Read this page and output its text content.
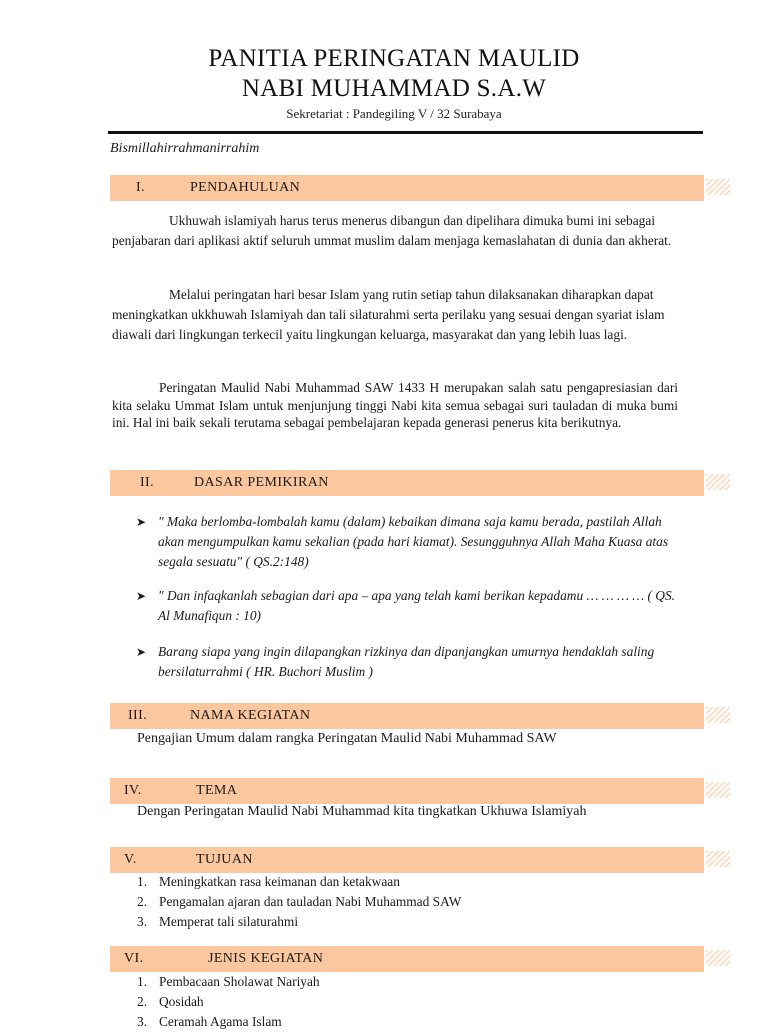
PANITIA PERINGATAN MAULID
NABI MUHAMMAD S.A.W
Sekretariat : Pandegiling V / 32 Surabaya
Bismillahirrahmanirrahim
I.	PENDAHULUAN

Ukhuwah islamiyah harus terus menerus dibangun dan dipelihara dimuka bumi ini sebagai penjabaran dari aplikasi aktif seluruh ummat muslim dalam menjaga kemaslahatan di dunia dan akherat.

Melalui peringatan hari besar Islam yang rutin setiap tahun dilaksanakan diharapkan dapat meningkatkan ukkhuwah Islamiyah dan tali silaturahmi serta perilaku yang sesuai dengan syariat islam diawali dari lingkungan terkecil yaitu lingkungan keluarga, masyarakat dan yang lebih luas lagi.

Peringatan Maulid Nabi Muhammad SAW 1433 H merupakan salah satu pengapresiasian dari kita selaku Ummat Islam untuk menjunjung tinggi Nabi kita semua sebagai suri tauladan di muka bumi ini. Hal ini baik sekali terutama sebagai pembelajaran kepada generasi penerus kita berikutnya.

II.	DASAR PEMIKIRAN
➤ " Maka berlomba-lombalah kamu (dalam) kebaikan dimana saja kamu berada, pastilah Allah akan mengumpulkan kamu sekalian (pada hari kiamat). Sesungguhnya Allah Maha Kuasa atas segala sesuatu" ( QS.2:148)
➤ " Dan infaqkanlah sebagian dari apa – apa yang telah kami berikan kepadamu … … … … ( QS. Al Munafiqun : 10)
➤ Barang siapa yang ingin dilapangkan rizkinya dan dipanjangkan umurnya hendaklah saling bersilaturrahmi ( HR. Buchori Muslim )
III.	NAMA KEGIATAN
Pengajian Umum dalam rangka Peringatan Maulid Nabi Muhammad SAW
IV.	TEMA
Dengan Peringatan Maulid Nabi Muhammad kita tingkatkan Ukhuwa Islamiyah
V.	TUJUAN
1. Meningkatkan rasa keimanan dan ketakwaan
2. Pengamalan ajaran dan tauladan Nabi Muhammad SAW
3. Memperat tali silaturahmi
VI.	JENIS KEGIATAN
1. Pembacaan Sholawat Nariyah
2. Qosidah
3. Ceramah Agama Islam
